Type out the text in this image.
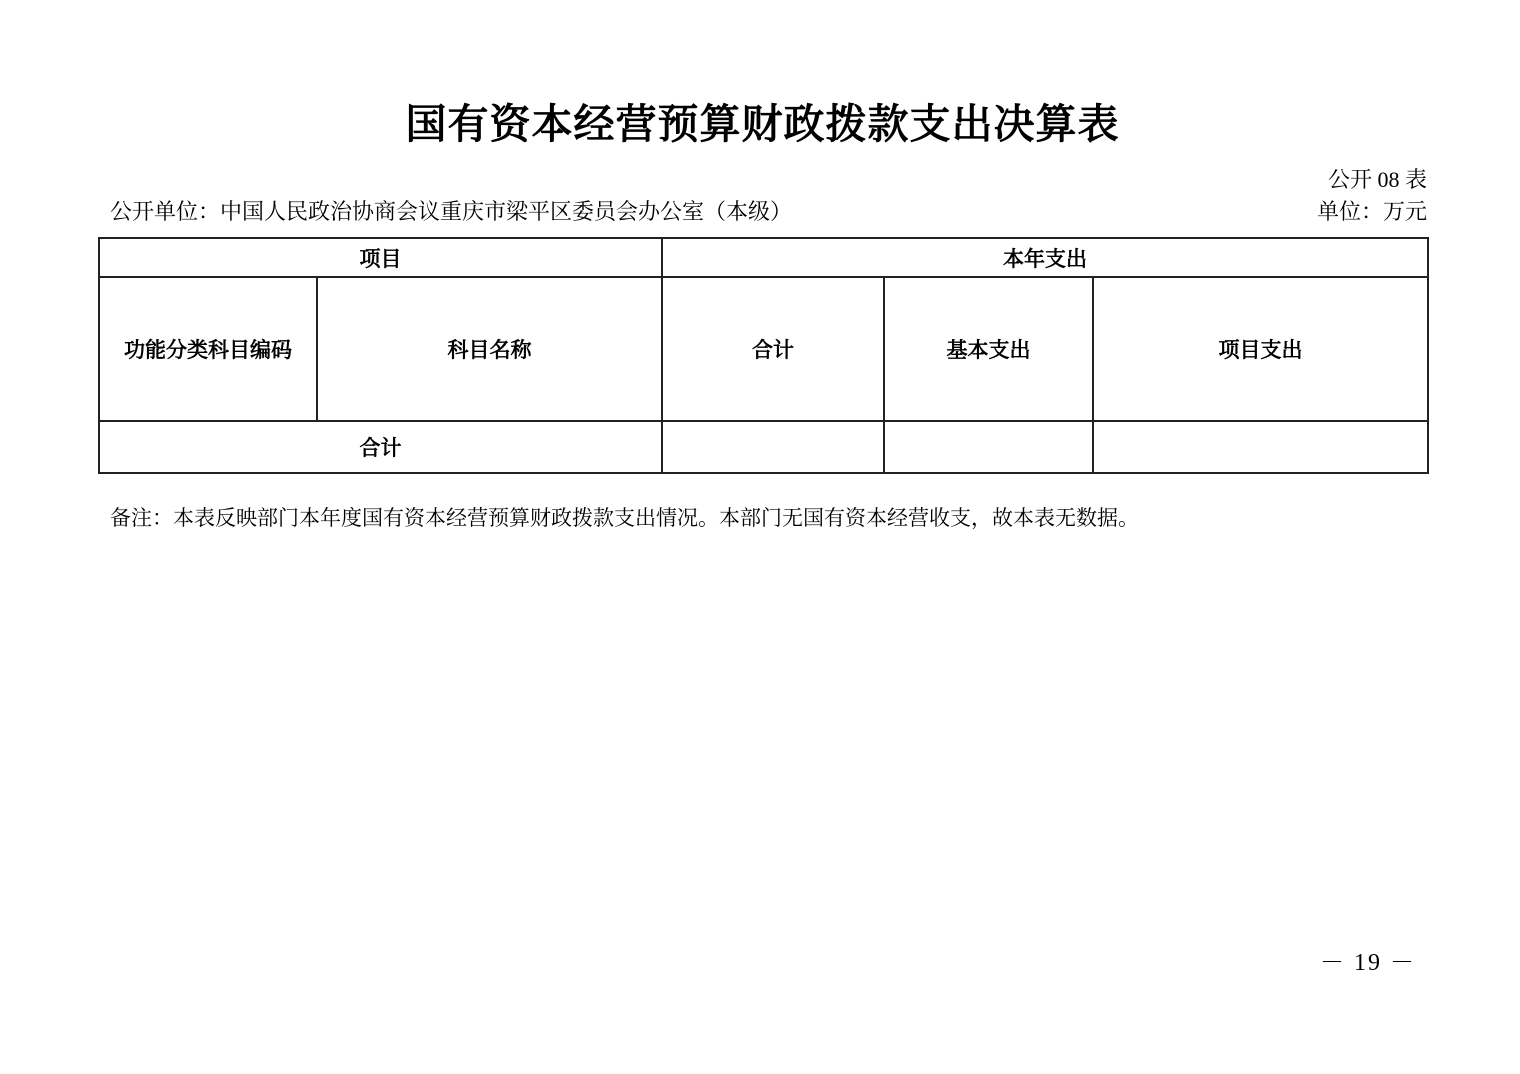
国有资本经营预算财政拨款支出决算表
公开 08 表
公开单位：中国人民政治协商会议重庆市梁平区委员会办公室（本级）	单位：万元
项目		本年支出		
功能分类科目编码	科目名称	合计	基本支出	项目支出
合计				
备注：本表反映部门本年度国有资本经营预算财政拨款支出情况。本部门无国有资本经营收支，故本表无数据。
－ 19 －
